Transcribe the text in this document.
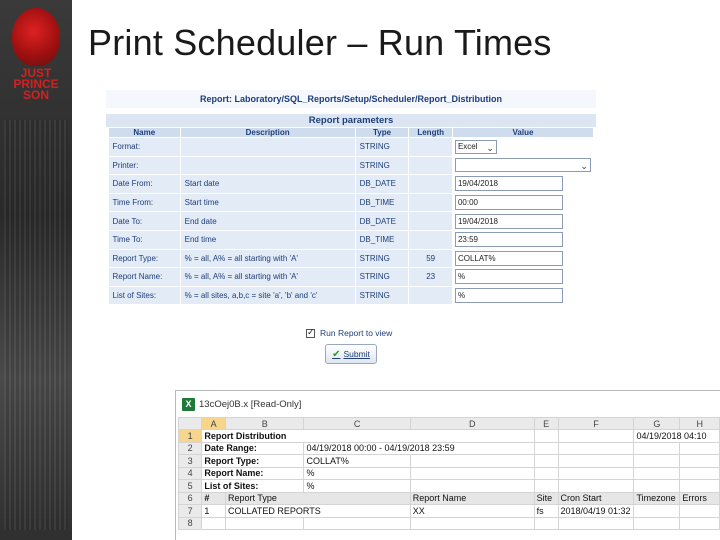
JUST
PRINCE
SON
Print Scheduler – Run Times
Report: Laboratory/SQL_Reports/Setup/Scheduler/Report_Distribution
Report parameters
Name	Description	Type	Length	Value
Format:		STRING		Excel ⌄

Printer:		STRING		⌄

Date From:	Start date	DB_DATE		19/04/2018

Time From:	Start time	DB_TIME		00:00

Date To:	End date	DB_DATE		19/04/2018

Time To:	End time	DB_TIME		23:59

Report Type:	% = all, A% = all starting with 'A'	STRING	59	COLLAT%

Report Name:	% = all, A% = all starting with 'A'	STRING	23	%

List of Sites:	% = all sites, a,b,c = site 'a', 'b' and 'c'	STRING		%
✓
Run Report to view
✔ Submit
X 13cOej0B.x [Read-Only]
	A	B	C	D	E	F	G	H
1	Report Distribution						04/19/2018 04:10	
2	Date Range:		04/19/2018 00:00 - 04/19/2018 23:59					
3	Report Type:		COLLAT%					
4	Report Name:		%					
5	List of Sites:		%					
6	#	Report Type		Report Name	Site	Cron Start	Timezone	Errors
7	1	COLLATED REPORTS		XX	fs	2018/04/19 01:32		
8								
